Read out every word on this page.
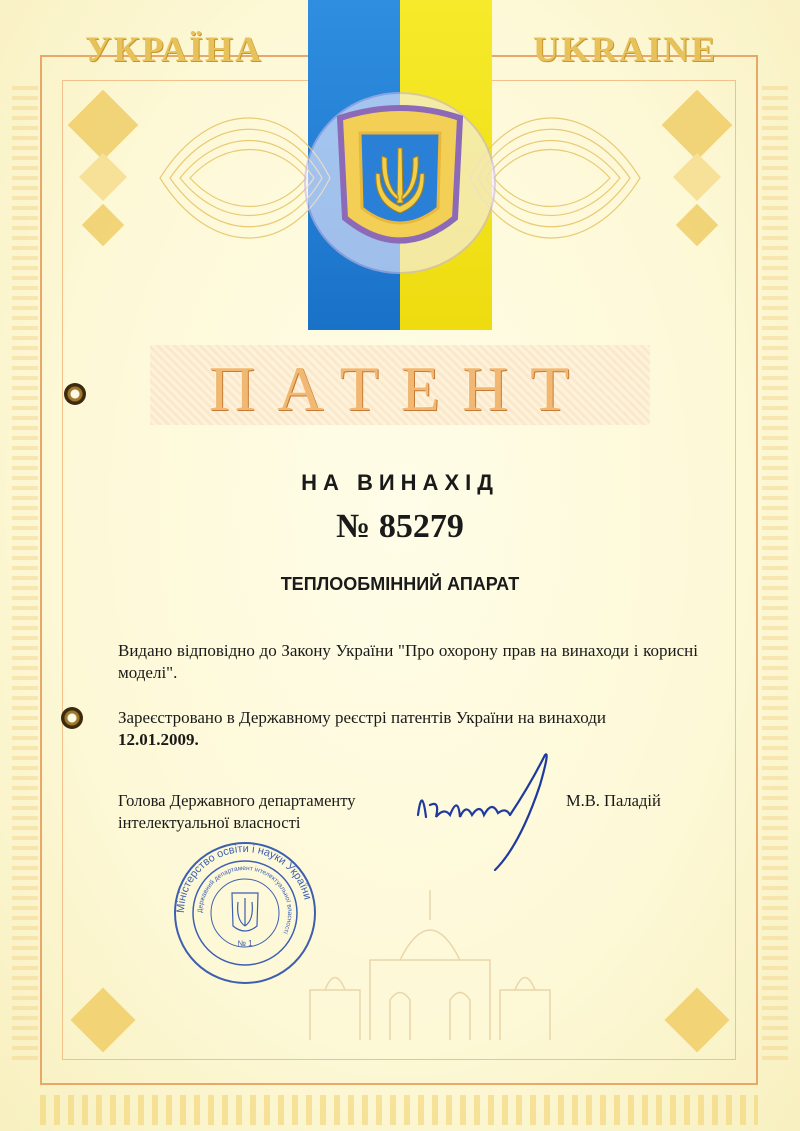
УКРАЇНА	UKRAINE
ПАТЕНТ
НА ВИНАХІД
№ 85279
ТЕПЛООБМІННИЙ АПАРАТ
Видано відповідно до Закону України "Про охорону прав на винаходи і корисні моделі".
Зареєстровано в Державному реєстрі патентів України на винаходи
12.01.2009.
Голова Державного департаменту
інтелектуальної власності
М.В. Паладій
Міністерство освіти і науки України
Державний департамент інтелектуальної власності
№ 1
